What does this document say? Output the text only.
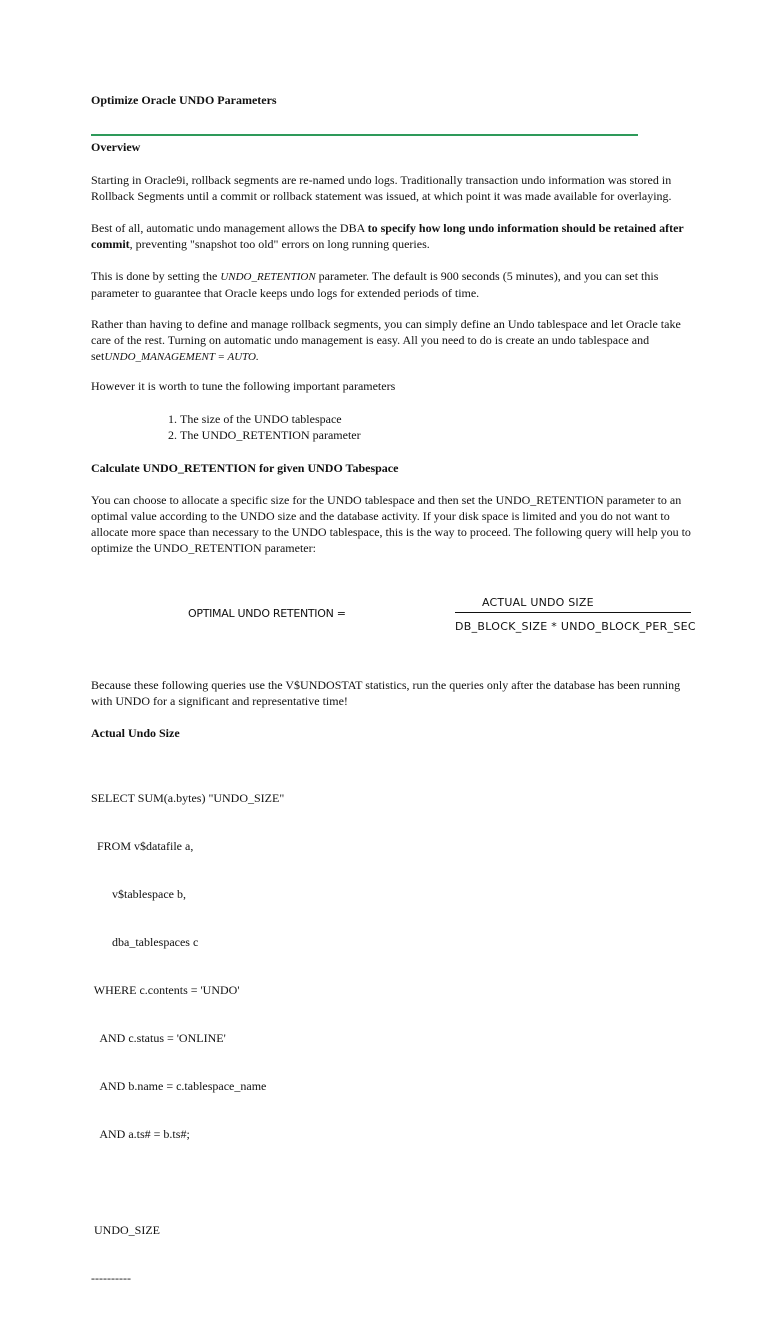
Optimize Oracle UNDO Parameters
Overview
Starting in Oracle9i, rollback segments are re-named undo logs. Traditionally transaction undo information was stored in Rollback Segments until a commit or rollback statement was issued, at which point it was made available for overlaying.
Best of all, automatic undo management allows the DBA to specify how long undo information should be retained after commit, preventing "snapshot too old" errors on long running queries.
This is done by setting the UNDO_RETENTION parameter. The default is 900 seconds (5 minutes), and you can set this parameter to guarantee that Oracle keeps undo logs for extended periods of time.
Rather than having to define and manage rollback segments, you can simply define an Undo tablespace and let Oracle take care of the rest. Turning on automatic undo management is easy. All you need to do is create an undo tablespace and setUNDO_MANAGEMENT = AUTO.
However it is worth to tune the following important parameters
1. The size of the UNDO tablespace
2. The UNDO_RETENTION parameter
Calculate UNDO_RETENTION for given UNDO Tabespace
You can choose to allocate a specific size for the UNDO tablespace and then set the UNDO_RETENTION parameter to an optimal value according to the UNDO size and the database activity. If your disk space is limited and you do not want to allocate more space than necessary to the UNDO tablespace, this is the way to proceed. The following query will help you to optimize the UNDO_RETENTION parameter:
OPTIMAL UNDO RETENTION =
ACTUAL UNDO SIZE
DB_BLOCK_SIZE * UNDO_BLOCK_PER_SEC
Because these following queries use the V$UNDOSTAT statistics, run the queries only after the database has been running with UNDO for a significant and representative time!
Actual Undo Size

SELECT SUM(a.bytes) "UNDO_SIZE"

FROM v$datafile a,

v$tablespace b,

dba_tablespaces c

WHERE c.contents = 'UNDO'

AND c.status = 'ONLINE'

AND b.name = c.tablespace_name

AND a.ts# = b.ts#;

UNDO_SIZE

----------
